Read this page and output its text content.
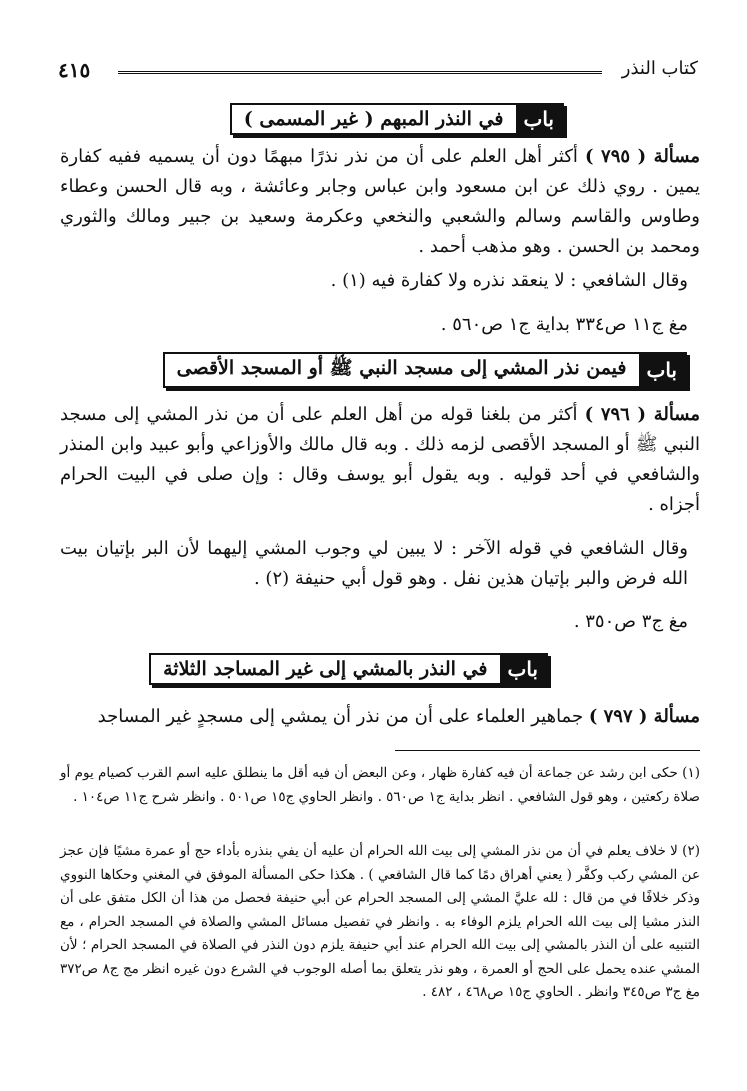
كتاب النذر
٤١٥
باب
في النذر المبهم ( غير المسمى )

مسألة ( ٧٩٥ ) أكثر أهل العلم على أن من نذر نذرًا مبهمًا دون أن يسميه ففيه كفارة يمين . روي ذلك عن ابن مسعود وابن عباس وجابر وعائشة ، وبه قال الحسن وعطاء وطاوس والقاسم وسالم والشعبي والنخعي وعكرمة وسعيد بن جبير ومالك والثوري ومحمد بن الحسن . وهو مذهب أحمد .

وقال الشافعي : لا ينعقد نذره ولا كفارة فيه (١) .

مغ ج١١ ص٣٣٤ بداية ج١ ص٥٦٠ .

باب
فيمن نذر المشي إلى مسجد النبي ﷺ أو المسجد الأقصى

مسألة ( ٧٩٦ ) أكثر من بلغنا قوله من أهل العلم على أن من نذر المشي إلى مسجد النبي ﷺ أو المسجد الأقصى لزمه ذلك . وبه قال مالك والأوزاعي وأبو عبيد وابن المنذر والشافعي في أحد قوليه . وبه يقول أبو يوسف وقال : وإن صلى في البيت الحرام أجزاه .

وقال الشافعي في قوله الآخر : لا يبين لي وجوب المشي إليهما لأن البر بإتيان بيت الله فرض والبر بإتيان هذين نفل . وهو قول أبي حنيفة (٢) .

مغ ج٣ ص٣٥٠ .

باب
في النذر بالمشي إلى غير المساجد الثلاثة

مسألة ( ٧٩٧ ) جماهير العلماء على أن من نذر أن يمشي إلى مسجدٍ غير المساجد

(١) حكى ابن رشد عن جماعة أن فيه كفارة ظهار ، وعن البعض أن فيه أقل ما ينطلق عليه اسم القرب كصيام يوم أو صلاة ركعتين ، وهو قول الشافعي . انظر بداية ج١ ص٥٦٠ . وانظر الحاوي ج١٥ ص٥٠١ . وانظر شرح ج١١ ص١٠٤ .

(٢) لا خلاف يعلم في أن من نذر المشي إلى بيت الله الحرام أن عليه أن يفي بنذره بأداء حج أو عمرة مشيًا فإن عجز عن المشي ركب وكفَّر ( يعني أهراق دمًا كما قال الشافعي ) . هكذا حكى المسألة الموفق في المغني وحكاها النووي وذكر خلافًا في من قال : لله عليَّ المشي إلى المسجد الحرام عن أبي حنيفة فحصل من هذا أن الكل متفق على أن النذر مشيا إلى بيت الله الحرام يلزم الوفاء به . وانظر في تفصيل مسائل المشي والصلاة في المسجد الحرام ، مع التنبيه على أن النذر بالمشي إلى بيت الله الحرام عند أبي حنيفة يلزم دون النذر في الصلاة في المسجد الحرام ؛ لأن المشي عنده يحمل على الحج أو العمرة ، وهو نذر يتعلق بما أصله الوجوب في الشرع دون غيره انظر مج ج٨ ص٣٧٢ مغ ج٣ ص٣٤٥ وانظر . الحاوي ج١٥ ص٤٦٨ ، ٤٨٢ .
